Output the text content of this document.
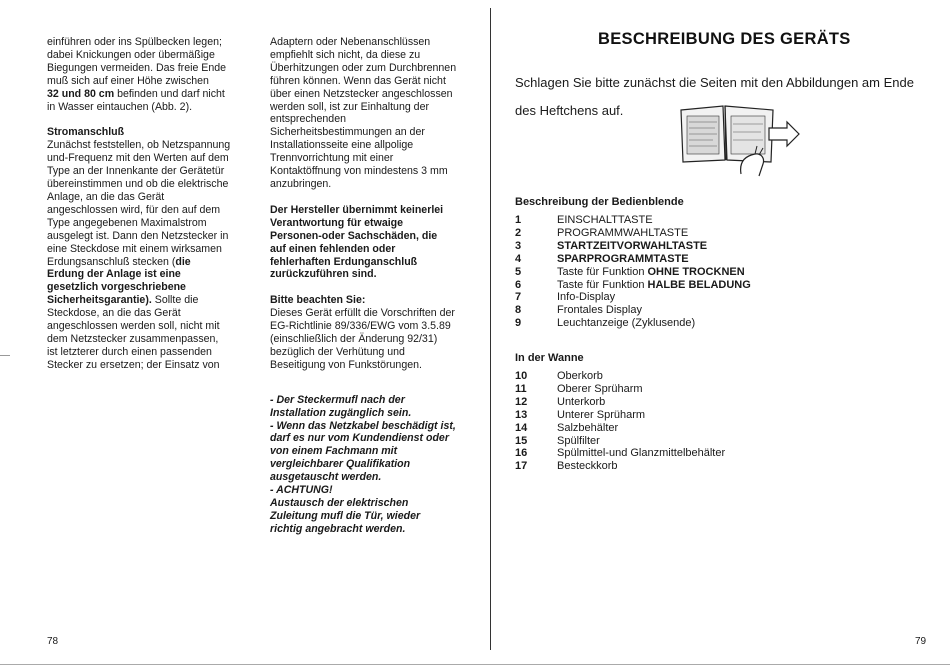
einführen oder ins Spülbecken legen;

dabei Knickungen oder übermäßige

Biegungen vermeiden. Das freie Ende

muß sich auf einer Höhe zwischen

32 und 80 cm befinden und darf nicht

in Wasser eintauchen (Abb. 2).

Stromanschluß

Zunächst feststellen, ob Netzspannung

und-Frequenz mit den Werten auf dem

Type an der Innenkante der Gerätetür

übereinstimmen und ob die elektrische

Anlage, an die das Gerät

angeschlossen wird, für den auf dem

Type angegebenen Maximalstrom

ausgelegt ist. Dann den Netzstecker in

eine Steckdose mit einem wirksamen

Erdungsanschluß stecken (die

Erdung der Anlage ist eine

gesetzlich vorgeschriebene

Sicherheitsgarantie). Sollte die

Steckdose, an die das Gerät

angeschlossen werden soll, nicht mit

dem Netzstecker zusammenpassen,

ist letzterer durch einen passenden

Stecker zu ersetzen; der Einsatz von

Adaptern oder Nebenanschlüssen

empfiehlt sich nicht, da diese zu

Überhitzungen oder zum Durchbrennen

führen können. Wenn das Gerät nicht

über einen Netzstecker angeschlossen

werden soll, ist zur Einhaltung der

entsprechenden

Sicherheitsbestimmungen an der

Installationsseite eine allpolige

Trennvorrichtung mit einer

Kontaktöffnung von mindestens 3 mm

anzubringen.

Der Hersteller übernimmt keinerlei

Verantwortung für etwaige

Personen-oder Sachschäden, die

auf einen fehlenden oder

fehlerhaften Erdunganschluß

zurückzuführen sind.

Bitte beachten Sie:

Dieses Gerät erfüllt die Vorschriften der

EG-Richtlinie 89/336/EWG vom 3.5.89

(einschließlich der Änderung 92/31)

bezüglich der Verhütung und

Beseitigung von Funkstörungen.

- Der Steckermufl nach der

Installation zugänglich sein.

- Wenn das Netzkabel beschädigt ist,

darf es nur vom Kundendienst oder

von einem Fachmann mit

vergleichbarer Qualifikation

ausgetauscht werden.

- ACHTUNG!

Austausch der elektrischen

Zuleitung mufl die Tür, wieder

richtig angebracht werden.

78
BESCHREIBUNG DES GERÄTS

Schlagen Sie bitte zunächst die Seiten mit den Abbildungen am Ende

des Heftchens auf.

Beschreibung der Bedienblende
1	EINSCHALTTASTE
2	PROGRAMMWAHLTASTE
3	STARTZEITVORWAHLTASTE
4	SPARPROGRAMMTASTE
5	Taste für Funktion OHNE TROCKNEN
6	Taste für Funktion HALBE BELADUNG
7	Info-Display
8	Frontales Display
9	Leuchtanzeige (Zyklusende)
In der Wanne
10	Oberkorb
11	Oberer Sprüharm
12	Unterkorb
13	Unterer Sprüharm
14	Salzbehälter
15	Spülfilter
16	Spülmittel-und Glanzmittelbehälter
17	Besteckkorb
79
